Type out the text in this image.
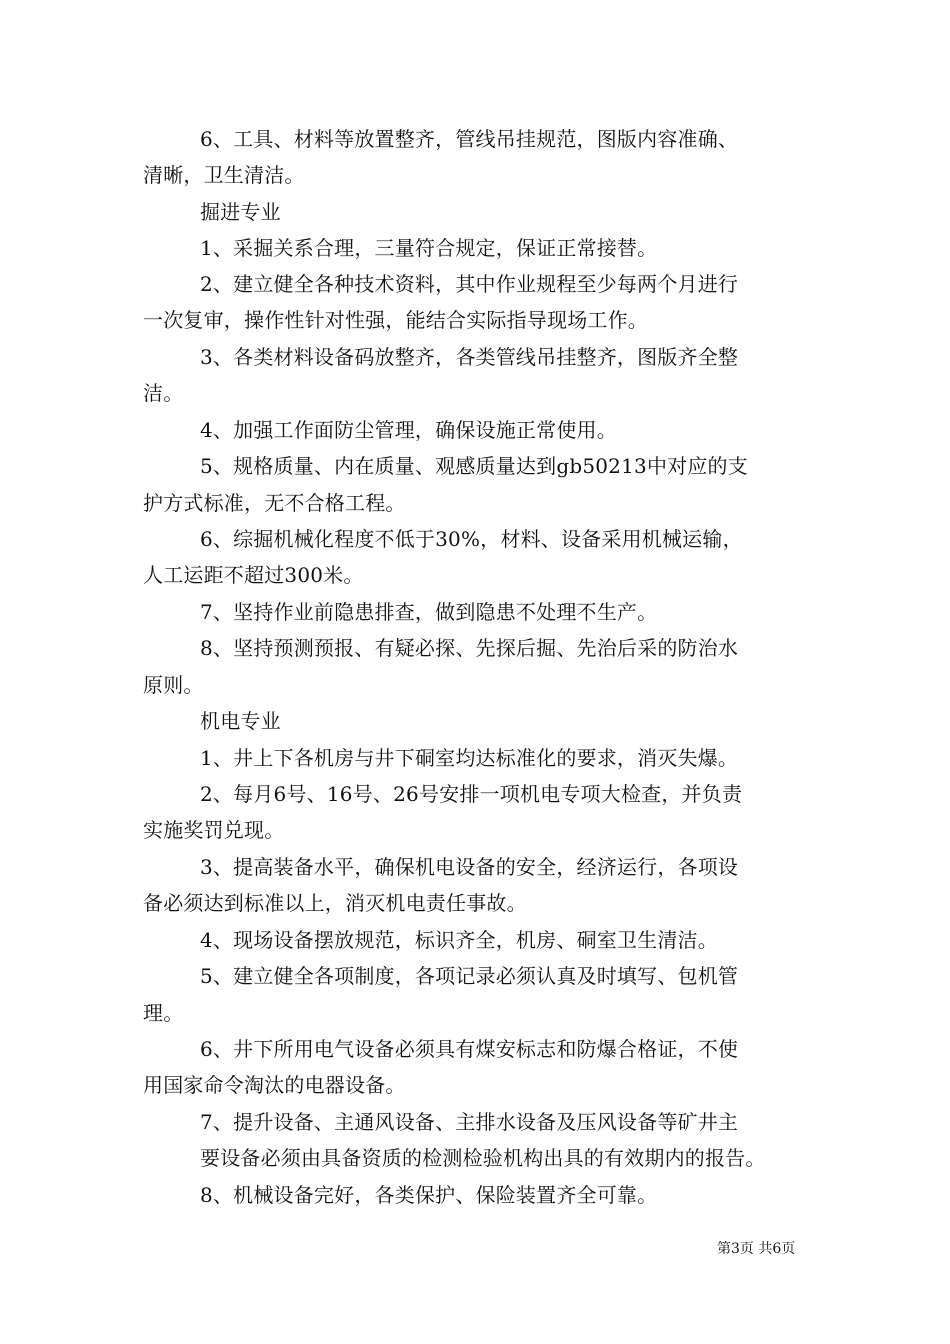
6、工具、材料等放置整齐，管线吊挂规范，图版内容准确、
清晰，卫生清洁。
掘进专业
1、采掘关系合理，三量符合规定，保证正常接替。
2、建立健全各种技术资料，其中作业规程至少每两个月进行
一次复审，操作性针对性强，能结合实际指导现场工作。
3、各类材料设备码放整齐，各类管线吊挂整齐，图版齐全整
洁。
4、加强工作面防尘管理，确保设施正常使用。
5、规格质量、内在质量、观感质量达到gb50213中对应的支
护方式标准，无不合格工程。
6、综掘机械化程度不低于30%，材料、设备采用机械运输，
人工运距不超过300米。
7、坚持作业前隐患排查，做到隐患不处理不生产。
8、坚持预测预报、有疑必探、先探后掘、先治后采的防治水
原则。
机电专业
1、井上下各机房与井下硐室均达标准化的要求，消灭失爆。
2、每月6号、16号、26号安排一项机电专项大检查，并负责
实施奖罚兑现。
3、提高装备水平，确保机电设备的安全，经济运行，各项设
备必须达到标准以上，消灭机电责任事故。
4、现场设备摆放规范，标识齐全，机房、硐室卫生清洁。
5、建立健全各项制度，各项记录必须认真及时填写、包机管
理。
6、井下所用电气设备必须具有煤安标志和防爆合格证，不使
用国家命令淘汰的电器设备。
7、提升设备、主通风设备、主排水设备及压风设备等矿井主
要设备必须由具备资质的检测检验机构出具的有效期内的报告。
8、机械设备完好，各类保护、保险装置齐全可靠。
第3页 共6页
